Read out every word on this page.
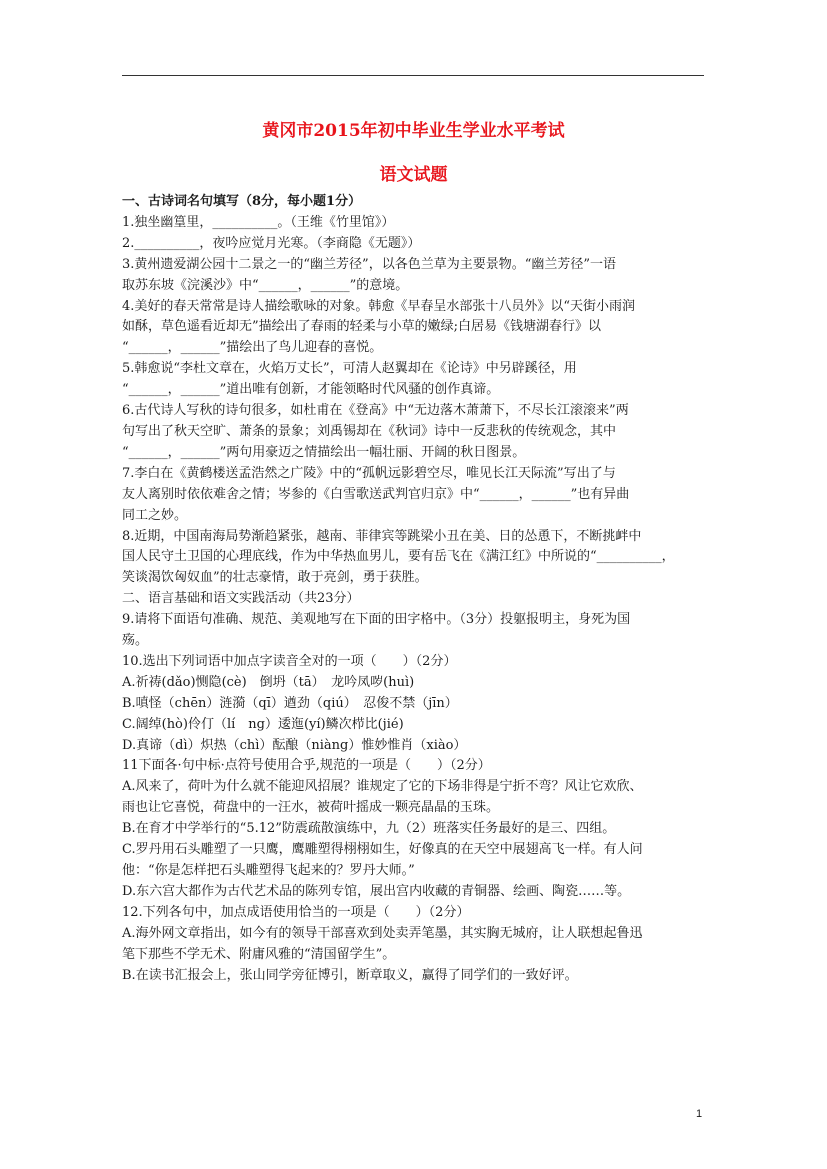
黄冈市2015年初中毕业生学业水平考试
语文试题

一、古诗词名句填写（8分，每小题1分）

1.独坐幽篁里，__________。（王维《竹里馆》）

2.__________，夜吟应觉月光寒。（李商隐《无题》）

3.黄州遗爱湖公园十二景之一的“幽兰芳径”，以各色兰草为主要景物。“幽兰芳径”一语

取苏东坡《浣溪沙》中“______，______”的意境。

4.美好的春天常常是诗人描绘歌咏的对象。韩愈《早春呈水部张十八员外》以“天街小雨润

如酥，草色遥看近却无”描绘出了春雨的轻柔与小草的嫩绿;白居易《钱塘湖春行》以

“______，______”描绘出了鸟儿迎春的喜悦。

5.韩愈说“李杜文章在，火焰万丈长”，可清人赵翼却在《论诗》中另辟蹊径，用

“______，______”道出唯有创新，才能领略时代风骚的创作真谛。

6.古代诗人写秋的诗句很多，如杜甫在《登高》中“无边落木萧萧下，不尽长江滚滚来”两

句写出了秋天空旷、萧条的景象；刘禹锡却在《秋词》诗中一反悲秋的传统观念，其中

“______，______”两句用豪迈之情描绘出一幅壮丽、开阔的秋日图景。

7.李白在《黄鹤楼送孟浩然之广陵》中的“孤帆远影碧空尽，唯见长江天际流”写出了与

友人离别时依依难舍之情；岑参的《白雪歌送武判官归京》中“______，______”也有异曲

同工之妙。

8.近期，中国南海局势渐趋紧张，越南、菲律宾等跳梁小丑在美、日的怂恿下，不断挑衅中

国人民守土卫国的心理底线，作为中华热血男儿，要有岳飞在《满江红》中所说的“__________，

笑谈渴饮匈奴血”的壮志豪情，敢于亮剑，勇于获胜。

二、语言基础和语文实践活动（共23分）

9.请将下面语句准确、规范、美观地写在下面的田字格中。（3分）投躯报明主，身死为国

殇。

10.选出下列词语中加点字读音全对的一项（　　）（2分）

A.祈祷(dǎo)恻隐(cè)　倒坍（tā）　龙吟凤哕(huì)

B.嗔怪（chēn）涟漪（qī）遒劲（qiú）　忍俊不禁（jīn）

C.阔绰(hò)伶仃（lí　ng）逶迤(yí)鳞次栉比(jié)

D.真谛（dì）炽热（chì）酝酿（niàng）惟妙惟肖（xiào）

11下面各·句中标·点符号使用合乎,规范的一项是（　　）（2分）

A.风来了，荷叶为什么就不能迎风招展？谁规定了它的下场非得是宁折不弯？风让它欢欣、

雨也让它喜悦，荷盘中的一汪水，被荷叶摇成一颗亮晶晶的玉珠。

B.在育才中学举行的“5.12”防震疏散演练中，九（2）班落实任务最好的是三、四组。

C.罗丹用石头雕塑了一只鹰，鹰雕塑得栩栩如生，好像真的在天空中展翅高飞一样。有人问

他：“你是怎样把石头雕塑得飞起来的？罗丹大师。”

D.东六宫大都作为古代艺术品的陈列专馆，展出宫内收藏的青铜器、绘画、陶瓷……等。

12.下列各句中，加点成语使用恰当的一项是（　　）（2分）

A.海外网文章指出，如今有的领导干部喜欢到处卖弄笔墨，其实胸无城府，让人联想起鲁迅

笔下那些不学无术、附庸风雅的“清国留学生”。

B.在读书汇报会上，张山同学旁征博引，断章取义，赢得了同学们的一致好评。

1
